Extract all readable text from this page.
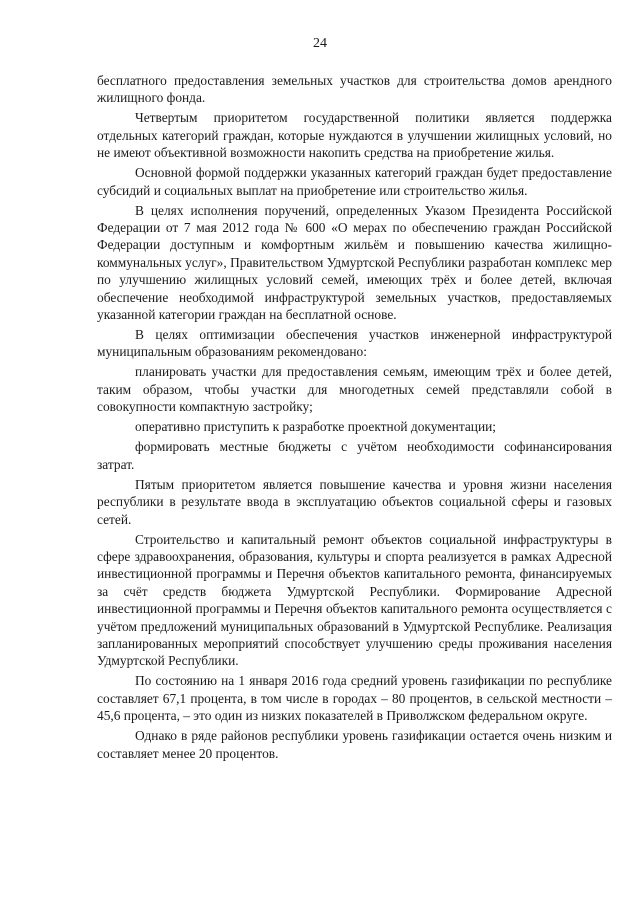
24

бесплатного предоставления земельных участков для строительства домов арендного жилищного фонда.

Четвертым приоритетом государственной политики является поддержка отдельных категорий граждан, которые нуждаются в улучшении жилищных условий, но не имеют объективной возможности накопить средства на приобретение жилья.

Основной формой поддержки указанных категорий граждан будет предоставление субсидий и социальных выплат на приобретение или строительство жилья.

В целях исполнения поручений, определенных Указом Президента Российской Федерации от 7 мая 2012 года № 600 «О мерах по обеспечению граждан Российской Федерации доступным и комфортным жильём и повышению качества жилищно-коммунальных услуг», Правительством Удмуртской Республики разработан комплекс мер по улучшению жилищных условий семей, имеющих трёх и более детей, включая обеспечение необходимой инфраструктурой земельных участков, предоставляемых указанной категории граждан на бесплатной основе.

В целях оптимизации обеспечения участков инженерной инфраструктурой муниципальным образованиям рекомендовано:

планировать участки для предоставления семьям, имеющим трёх и более детей, таким образом, чтобы участки для многодетных семей представляли собой в совокупности компактную застройку;

оперативно приступить к разработке проектной документации;

формировать местные бюджеты с учётом необходимости софинансирования затрат.

Пятым приоритетом является повышение качества и уровня жизни населения республики в результате ввода в эксплуатацию объектов социальной сферы и газовых сетей.

Строительство и капитальный ремонт объектов социальной инфраструктуры в сфере здравоохранения, образования, культуры и спорта реализуется в рамках Адресной инвестиционной программы и Перечня объектов капитального ремонта, финансируемых за счёт средств бюджета Удмуртской Республики. Формирование Адресной инвестиционной программы и Перечня объектов капитального ремонта осуществляется с учётом предложений муниципальных образований в Удмуртской Республике. Реализация запланированных мероприятий способствует улучшению среды проживания населения Удмуртской Республики.

По состоянию на 1 января 2016 года средний уровень газификации по республике составляет 67,1 процента, в том числе в городах – 80 процентов, в сельской местности – 45,6 процента, – это один из низких показателей в Приволжском федеральном округе.

Однако в ряде районов республики уровень газификации остается очень низким и составляет менее 20 процентов.
